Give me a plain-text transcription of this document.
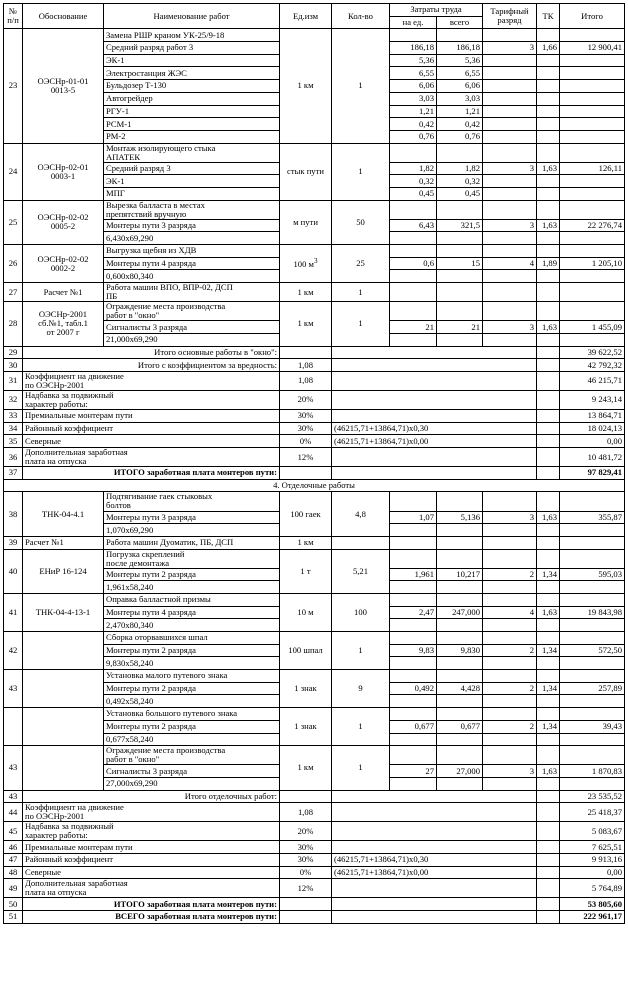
№
п/п	Обоснование	Наименование работ	Ед.изм	Кол-во	Затраты труда		Тарифный
разряд	ТК	Итого
					на ед.	всего			
23	ОЭСНр-01-01
0013-5	Замена РШР краном УК-25/9-18	1 км	1					
		Средний разряд работ 3			186,18	186,18	3	1,66	12 900,41
		ЭК-1			5,36	5,36			
		Электростанция ЖЭС			6,55	6,55			
		Бульдозер Т-130			6,06	6,06			
		Автогрейдер			3,03	3,03			
		РГУ-1			1,21	1,21			
		РСМ-1			0,42	0,42			
		РМ-2			0,76	0,76			
24	ОЭСНр-02-01
0003-1	Монтаж изолирующего стыка
АПАТЕК	стык пути	1					
		Средний разряд 3			1,82	1,82	3	1,63	126,11
		ЭК-1			0,32	0,32			
		МПГ			0,45	0,45			
25	ОЭСНр-02-02
0005-2	Вырезка балласта в местах
препятствий вручную	м пути	50					
		Монтеры пути 3 разряда			6,43	321,5	3	1,63	22 276,74
		6,430х69,290							
26	ОЭСНр-02-02
0002-2	Выгрузка щебня из ХДВ	100 $м^3$	25					
		Монтеры пути 4 разряда			0,6	15	4	1,89	1 205,10
		0,600х80,340							
27	Расчет №1	Работа машин ВПО, ВПР-02, ДСП
ПБ	1 км	1					
28	ОЭСНр-2001
сб.№1, табл.1
от 2007 г	Ограждение места производства
работ в "окно"	1 км	1					
		Сигналисты 3 разряда			21	21	3	1,63	1 455,09
		21,000х69,290							
29	Итого основные работы в "окно":								39 622,52
30	Итого с коэффициентом за вредность:		1,08						42 792,32
31	Коэффициент на движение
по ОЭСНр-2001		1,08						46 215,71
32	Надбавка за подвижный
характер работы:		20%						9 243,14
33	Премиальные монтерам пути		30%						13 864,71
34	Районный коэффициент		30%	(46215,71+13864,71)х0,30					18 024,13
35	Северные		0%	(46215,71+13864,71)х0,00					0,00
36	Дополнительная заработная
плата на отпуска		12%						10 481,72
37	ИТОГО заработная плата монтеров пути:								97 829,41
4. Отделочные работы									
38	ТНК-04-4.1	Подтягивание гаек стыковых
болтов	100 гаек	4,8					
		Монтеры пути 3 разряда			1,07	5,136	3	1,63	355,87
		1,070х69,290							
39	Расчет №1	Работа машин Дуоматик, ПБ, ДСП	1 км						
40	ЕНиР 16-124	Погрузка скреплений
после демонтажа	1 т	5,21					
		Монтеры пути 2 разряда			1,961	10,217	2	1,34	595,03
		1,961х58,240							
41	ТНК-04-4-13-1	Оправка балластной призмы	10 м	100					
		Монтеры пути 4 разряда			2,47	247,000	4	1,63	19 843,98
		2,470х80,340							
42		Сборка оторвавшихся шпал	100 шпал	1					
		Монтеры пути 2 разряда			9,83	9,830	2	1,34	572,50
		9,830х58,240							
43		Установка малого путевого знака	1 знак	9					
		Монтеры пути 2 разряда			0,492	4,428	2	1,34	257,89
		0,492х58,240							
		Установка большого путевого знака	1 знак	1					
		Монтеры пути 2 разряда			0,677	0,677	2	1,34	39,43
		0,677х58,240							
43		Ограждение места производства
работ в "окно"	1 км	1					
		Сигналисты 3 разряда			27	27,000	3	1,63	1 870,83
		27,000х69,290							
43	Итого отделочных работ:								23 535,52
44	Коэффициент на движение
по ОЭСНр-2001		1,08						25 418,37
45	Надбавка за подвижный
характер работы:		20%						5 083,67
46	Премиальные монтерам пути		30%						7 625,51
47	Районный коэффициент		30%	(46215,71+13864,71)х0,30					9 913,16
48	Северные		0%	(46215,71+13864,71)х0,00					0,00
49	Дополнительная заработная
плата на отпуска		12%						5 764,89
50	ИТОГО заработная плата монтеров пути:								53 805,60
51	ВСЕГО заработная плата монтеров пути:								222 961,17
